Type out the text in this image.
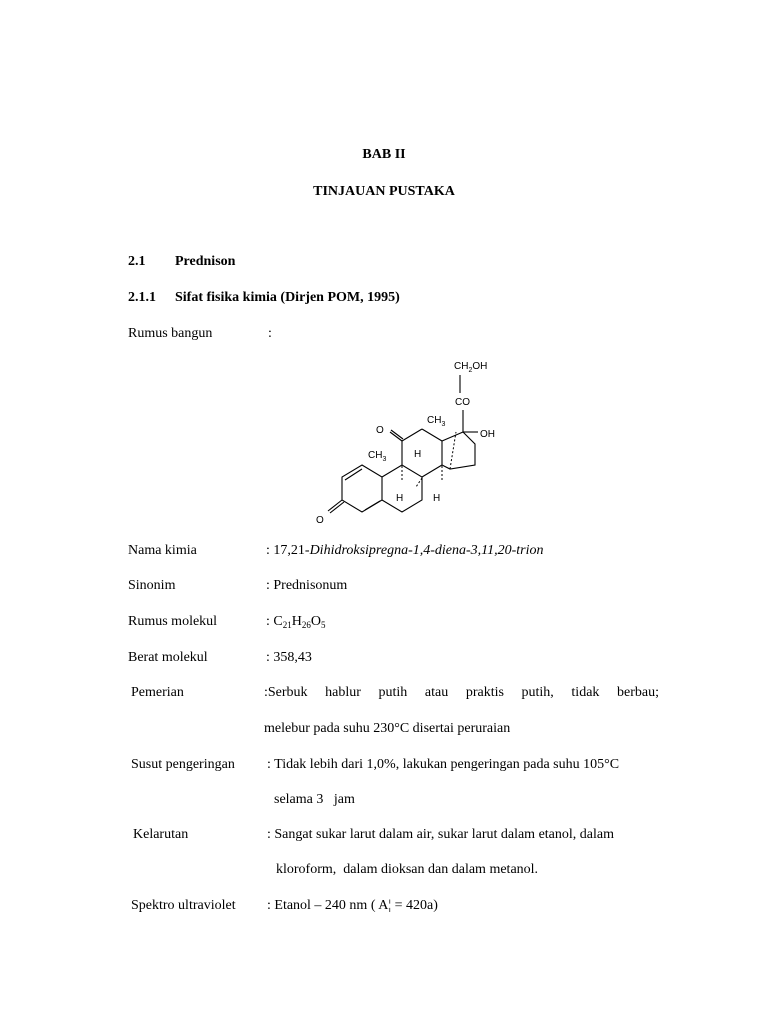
BAB II
TINJAUAN PUSTAKA
2.1 Prednison
2.1.1 Sifat fisika kimia (Dirjen POM, 1995)
Rumus bangun	:
$CH_2OH$
CO
$CH_3$
OH
O
$CH_3$	H
H	H
O
Nama kimia	: 17,21-Dihidroksipregna-1,4-diena-3,11,20-trion
Sinonim	: Prednisonum
Rumus molekul	: $C_{21}H_{26}O_5$
Berat molekul	: 358,43
Pemerian	:Serbuk hablur putih atau praktis putih, tidak berbau;
melebur pada suhu 230°C disertai peruraian
Susut pengeringan : Tidak lebih dari 1,0%, lakukan pengeringan pada suhu 105°C
selama 3   jam
Kelarutan	: Sangat sukar larut dalam air, sukar larut dalam etanol, dalam
kloroform,  dalam dioksan dan dalam metanol.
Spektro ultraviolet : Etanol – 240 nm ( A¦ = 420a)
